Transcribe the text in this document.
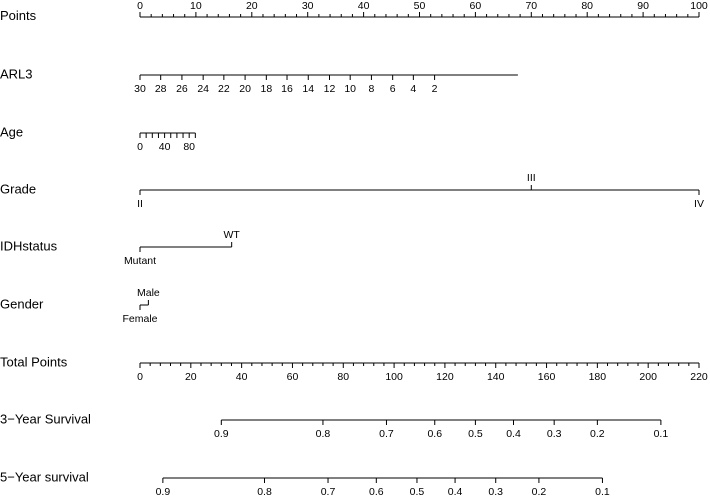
Points
0	10	20	30	40	50	60	70	80	90	100
ARL3
30 28 26 24 22 20 18 16 14 12 10 8 6 4 2
Age
0 40 80
Grade
II
III
IV
IDHstatus
Mutant
WT
Gender
Female
Male
Total Points
0	20	40	60	80	100	120	140	160	180	200	220
3−Year Survival
0.9	0.8	0.7	0.6 0.5 0.4 0.3	0.2	0.1
5−Year survival
0.9	0.8	0.7	0.6 0.5 0.4 0.3	0.2	0.1
